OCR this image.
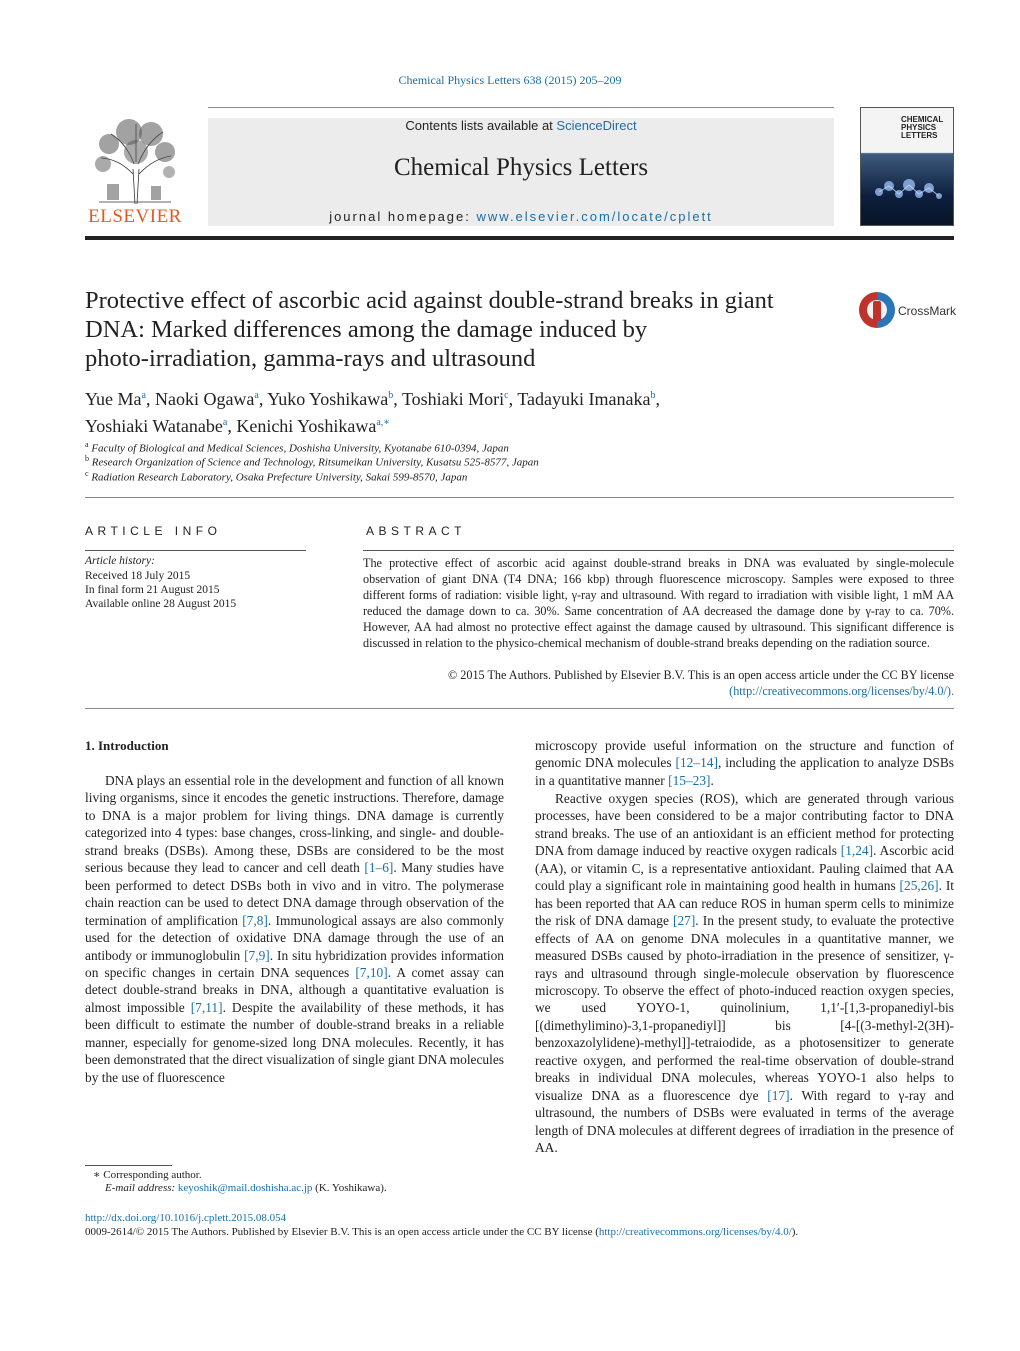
Chemical Physics Letters 638 (2015) 205–209
ELSEVIER
Contents lists available at ScienceDirect
Chemical Physics Letters
journal homepage: www.elsevier.com/locate/cplett
CHEMICAL
PHYSICS
LETTERS
Protective effect of ascorbic acid against double-strand breaks in giant
DNA: Marked differences among the damage induced by
photo-irradiation, gamma-rays and ultrasound
CrossMark
Yue Ma$^a$, Naoki Ogawa$^a$, Yuko Yoshikawa$^b$, Toshiaki Mori$^c$, Tadayuki Imanaka$^b$,
Yoshiaki Watanabe$^a$, Kenichi Yoshikawa$^{a,∗}$
$^a$ Faculty of Biological and Medical Sciences, Doshisha University, Kyotanabe 610-0394, Japan
$^b$ Research Organization of Science and Technology, Ritsumeikan University, Kusatsu 525-8577, Japan
$^c$ Radiation Research Laboratory, Osaka Prefecture University, Sakai 599-8570, Japan
ARTICLE INFO
Article history:
Received 18 July 2015
In final form 21 August 2015
Available online 28 August 2015
ABSTRACT
The protective effect of ascorbic acid against double-strand breaks in DNA was evaluated by single-molecule observation of giant DNA (T4 DNA; 166 kbp) through fluorescence microscopy. Samples were exposed to three different forms of radiation: visible light, γ-ray and ultrasound. With regard to irradiation with visible light, 1 mM AA reduced the damage down to ca. 30%. Same concentration of AA decreased the damage done by γ-ray to ca. 70%. However, AA had almost no protective effect against the damage caused by ultrasound. This significant difference is discussed in relation to the physico-chemical mechanism of double-strand breaks depending on the radiation source.
© 2015 The Authors. Published by Elsevier B.V. This is an open access article under the CC BY license
(http://creativecommons.org/licenses/by/4.0/).
1. Introduction
DNA plays an essential role in the development and function of all known living organisms, since it encodes the genetic instructions. Therefore, damage to DNA is a major problem for living things. DNA damage is currently categorized into 4 types: base changes, cross-linking, and single- and double-strand breaks (DSBs). Among these, DSBs are considered to be the most serious because they lead to cancer and cell death [1–6]. Many studies have been performed to detect DSBs both in vivo and in vitro. The polymerase chain reaction can be used to detect DNA damage through observation of the termination of amplification [7,8]. Immunological assays are also commonly used for the detection of oxidative DNA damage through the use of an antibody or immunoglobulin [7,9]. In situ hybridization provides information on specific changes in certain DNA sequences [7,10]. A comet assay can detect double-strand breaks in DNA, although a quantitative evaluation is almost impossible [7,11]. Despite the availability of these methods, it has been difficult to estimate the number of double-strand breaks in a reliable manner, especially for genome-sized long DNA molecules. Recently, it has been demonstrated that the direct visualization of single giant DNA molecules by the use of fluorescence
microscopy provide useful information on the structure and function of genomic DNA molecules [12–14], including the application to analyze DSBs in a quantitative manner [15–23].
Reactive oxygen species (ROS), which are generated through various processes, have been considered to be a major contributing factor to DNA strand breaks. The use of an antioxidant is an efficient method for protecting DNA from damage induced by reactive oxygen radicals [1,24]. Ascorbic acid (AA), or vitamin C, is a representative antioxidant. Pauling claimed that AA could play a significant role in maintaining good health in humans [25,26]. It has been reported that AA can reduce ROS in human sperm cells to minimize the risk of DNA damage [27]. In the present study, to evaluate the protective effects of AA on genome DNA molecules in a quantitative manner, we measured DSBs caused by photo-irradiation in the presence of sensitizer, γ-rays and ultrasound through single-molecule observation by fluorescence microscopy. To observe the effect of photo-induced reaction oxygen species, we used YOYO-1, quinolinium, 1,1′-[1,3-propanediyl-bis [(dimethylimino)-3,1-propanediyl]] bis [4-[(3-methyl-2(3H)-benzoxazolylidene)-methyl]]-tetraiodide, as a photosensitizer to generate reactive oxygen, and performed the real-time observation of double-strand breaks in individual DNA molecules, whereas YOYO-1 also helps to visualize DNA as a fluorescence dye [17]. With regard to γ-ray and ultrasound, the numbers of DSBs were evaluated in terms of the average length of DNA molecules at different degrees of irradiation in the presence of AA.
∗ Corresponding author.
E-mail address: keyoshik@mail.doshisha.ac.jp (K. Yoshikawa).
http://dx.doi.org/10.1016/j.cplett.2015.08.054
0009-2614/© 2015 The Authors. Published by Elsevier B.V. This is an open access article under the CC BY license (http://creativecommons.org/licenses/by/4.0/).
